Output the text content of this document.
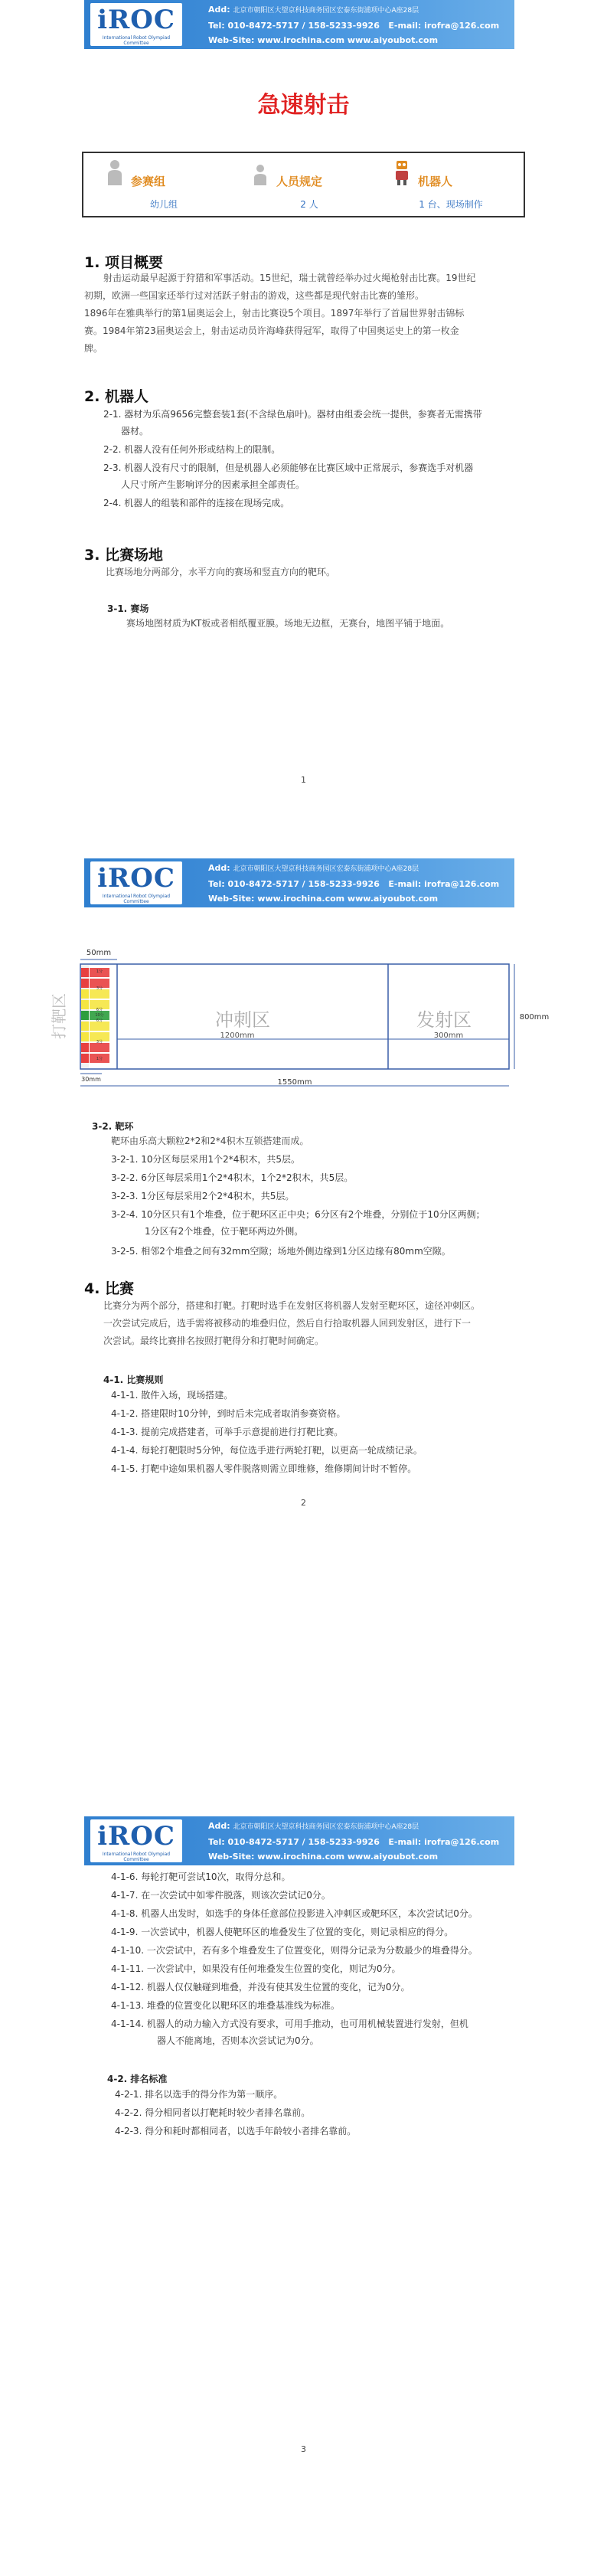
iROC
International Robot Olympiad Committee
Add: 北京市朝阳区大望京科技商务园区宏泰东街浦项中心A座28层
Tel: 010-8472-5717 / 158-5233-9926 E-mail: irofra@126.com
Web-Site: www.irochina.com www.aiyoubot.com
急速射击
参赛组
幼儿组
人员规定
2 人
机器人
1 台、现场制作
1. 项目概要

射击运动最早起源于狩猎和军事活动。15世纪，瑞士就曾经举办过火绳枪射击比赛。19世纪

初期，欧洲一些国家还举行过对活跃子射击的游戏，这些都是现代射击比赛的雏形。

1896年在雅典举行的第1届奥运会上，射击比赛设5个项目。1897年举行了首届世界射击锦标

赛。1984年第23届奥运会上，射击运动员许海峰获得冠军，取得了中国奥运史上的第一枚金

牌。

2. 机器人
2-1. 器材为乐高9656完整套装1套(不含绿色扇叶)。器材由组委会统一提供，参赛者无需携带
器材。
2-2. 机器人没有任何外形或结构上的限制。
2-3. 机器人没有尺寸的限制，但是机器人必须能够在比赛区域中正常展示，参赛选手对机器
人尺寸所产生影响评分的因素承担全部责任。
2-4. 机器人的组装和部件的连接在现场完成。
3. 比赛场地

比赛场地分两部分，水平方向的赛场和竖直方向的靶环。

3-1. 赛场

赛场地图材质为KT板或者相纸覆亚膜。场地无边框，无赛台，地图平铺于地面。

1
iROC
International Robot Olympiad Committee
Add: 北京市朝阳区大望京科技商务园区宏泰东街浦项中心A座28层
Tel: 010-8472-5717 / 158-5233-9926 E-mail: irofra@126.com
Web-Site: www.irochina.com www.aiyoubot.com
3-2. 靶环

靶环由乐高大颗粒2*2和2*4积木互锁搭建而成。

3-2-1. 10分区每层采用1个2*4积木，共5层。
3-2-2. 6分区每层采用1个2*4积木，1个2*2积木，共5层。
3-2-3. 1分区每层采用2个2*4积木，共5层。
3-2-4. 10分区只有1个堆叠，位于靶环区正中央；6分区有2个堆叠，分别位于10分区两侧；
1分区有2个堆叠，位于靶环两边外侧。
3-2-5. 相邻2个堆叠之间有32mm空隙；场地外侧边缘到1分区边缘有80mm空隙。
4. 比赛

比赛分为两个部分，搭建和打靶。打靶时选手在发射区将机器人发射至靶环区，途径冲刺区。

一次尝试完成后，选手需将被移动的堆叠归位，然后自行拾取机器人回到发射区，进行下一

次尝试。最终比赛排名按照打靶得分和打靶时间确定。

4-1. 比赛规则
4-1-1. 散件入场，现场搭建。
4-1-2. 搭建限时10分钟，到时后未完成者取消参赛资格。
4-1-3. 提前完成搭建者，可举手示意提前进行打靶比赛。
4-1-4. 每轮打靶限时5分钟，每位选手进行两轮打靶，以更高一轮成绩记录。
4-1-5. 打靶中途如果机器人零件脱落则需立即维修，维修期间计时不暂停。
2
1分
3分
6分
10分
6分
3分
1分
打靶区	冲刺区	发射区
50mm
1200mm	300mm
800mm
30mm	1550mm
iROC
International Robot Olympiad Committee
Add: 北京市朝阳区大望京科技商务园区宏泰东街浦项中心A座28层
Tel: 010-8472-5717 / 158-5233-9926 E-mail: irofra@126.com
Web-Site: www.irochina.com www.aiyoubot.com
4-1-6. 每轮打靶可尝试10次，取得分总和。
4-1-7. 在一次尝试中如零件脱落，则该次尝试记0分。
4-1-8. 机器人出发时，如选手的身体任意部位投影进入冲刺区或靶环区，本次尝试记0分。
4-1-9. 一次尝试中，机器人使靶环区的堆叠发生了位置的变化，则记录相应的得分。
4-1-10. 一次尝试中，若有多个堆叠发生了位置变化，则得分记录为分数最少的堆叠得分。
4-1-11. 一次尝试中，如果没有任何堆叠发生位置的变化，则记为0分。
4-1-12. 机器人仅仅触碰到堆叠，并没有使其发生位置的变化，记为0分。
4-1-13. 堆叠的位置变化以靶环区的堆叠基准线为标准。
4-1-14. 机器人的动力输入方式没有要求，可用手推动，也可用机械装置进行发射，但机
器人不能离地，否则本次尝试记为0分。
4-2. 排名标准
4-2-1. 排名以选手的得分作为第一顺序。
4-2-2. 得分相同者以打靶耗时较少者排名靠前。
4-2-3. 得分和耗时都相同者，以选手年龄较小者排名靠前。
3
